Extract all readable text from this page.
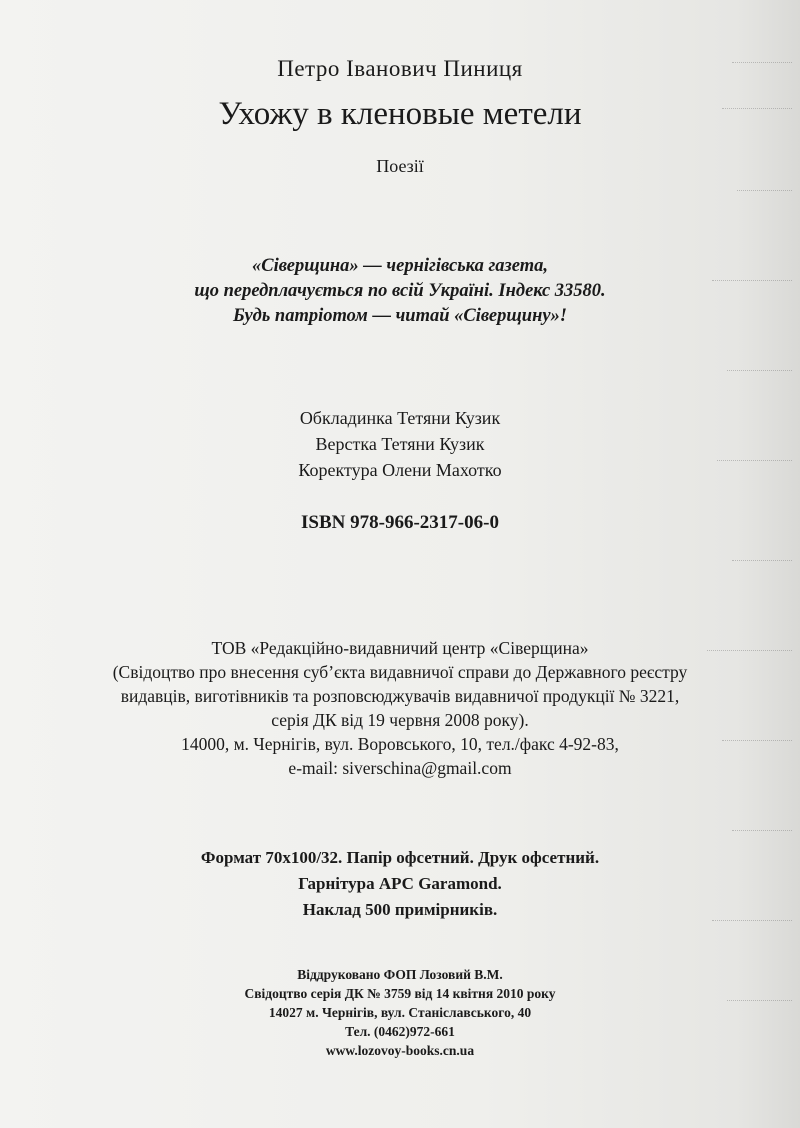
Петро Іванович Пиниця
Ухожу в кленовые метели
Поезії
«Сіверщина» — чернігівська газета,
що передплачується по всій Україні. Індекс 33580.
Будь патріотом — читай «Сіверщину»!
Обкладинка Тетяни Кузик
Верстка Тетяни Кузик
Коректура Олени Махотко
ISBN 978-966-2317-06-0
ТОВ «Редакційно-видавничий центр «Сіверщина»
(Свідоцтво про внесення суб’єкта видавничої справи до Державного реєстру
видавців, виготівників та розповсюджувачів видавничої продукції № 3221,
серія ДК від 19 червня 2008 року).
14000, м. Чернігів, вул. Воровського, 10, тел./факс 4-92-83,
e-mail: siverschina@gmail.com
Формат 70х100/32. Папір офсетний. Друк офсетний.
Гарнітура АРС Garamond.
Наклад 500 примірників.
Віддруковано ФОП Лозовий В.М.
Свідоцтво серія ДК № 3759 від 14 квітня 2010 року
14027 м. Чернігів, вул. Станіславського, 40
Тел. (0462)972-661
www.lozovoy-books.cn.ua
